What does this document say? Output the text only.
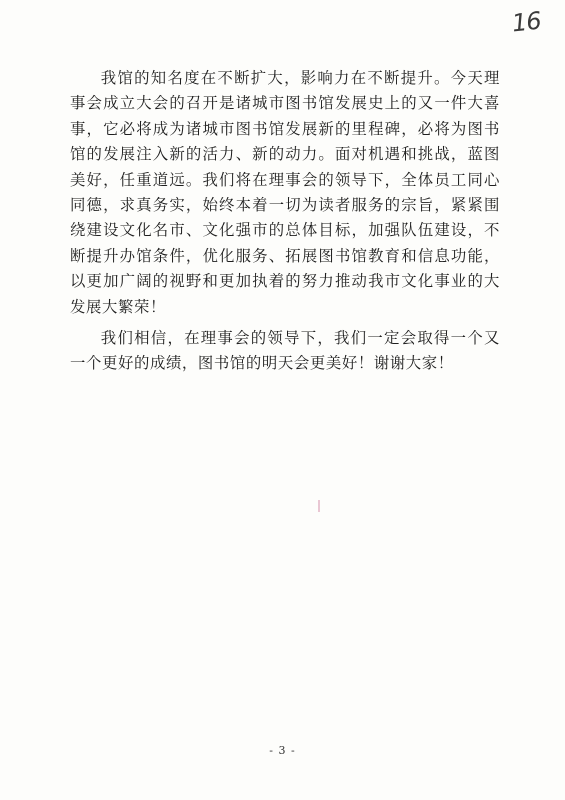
16

我馆的知名度在不断扩大，影响力在不断提升。今天理事会成立大会的召开是诸城市图书馆发展史上的又一件大喜事，它必将成为诸城市图书馆发展新的里程碑，必将为图书馆的发展注入新的活力、新的动力。面对机遇和挑战，蓝图美好，任重道远。我们将在理事会的领导下，全体员工同心同德，求真务实，始终本着一切为读者服务的宗旨，紧紧围绕建设文化名市、文化强市的总体目标，加强队伍建设，不断提升办馆条件，优化服务、拓展图书馆教育和信息功能，以更加广阔的视野和更加执着的努力推动我市文化事业的大发展大繁荣！

我们相信，在理事会的领导下，我们一定会取得一个又一个更好的成绩，图书馆的明天会更美好！谢谢大家！

- 3 -
